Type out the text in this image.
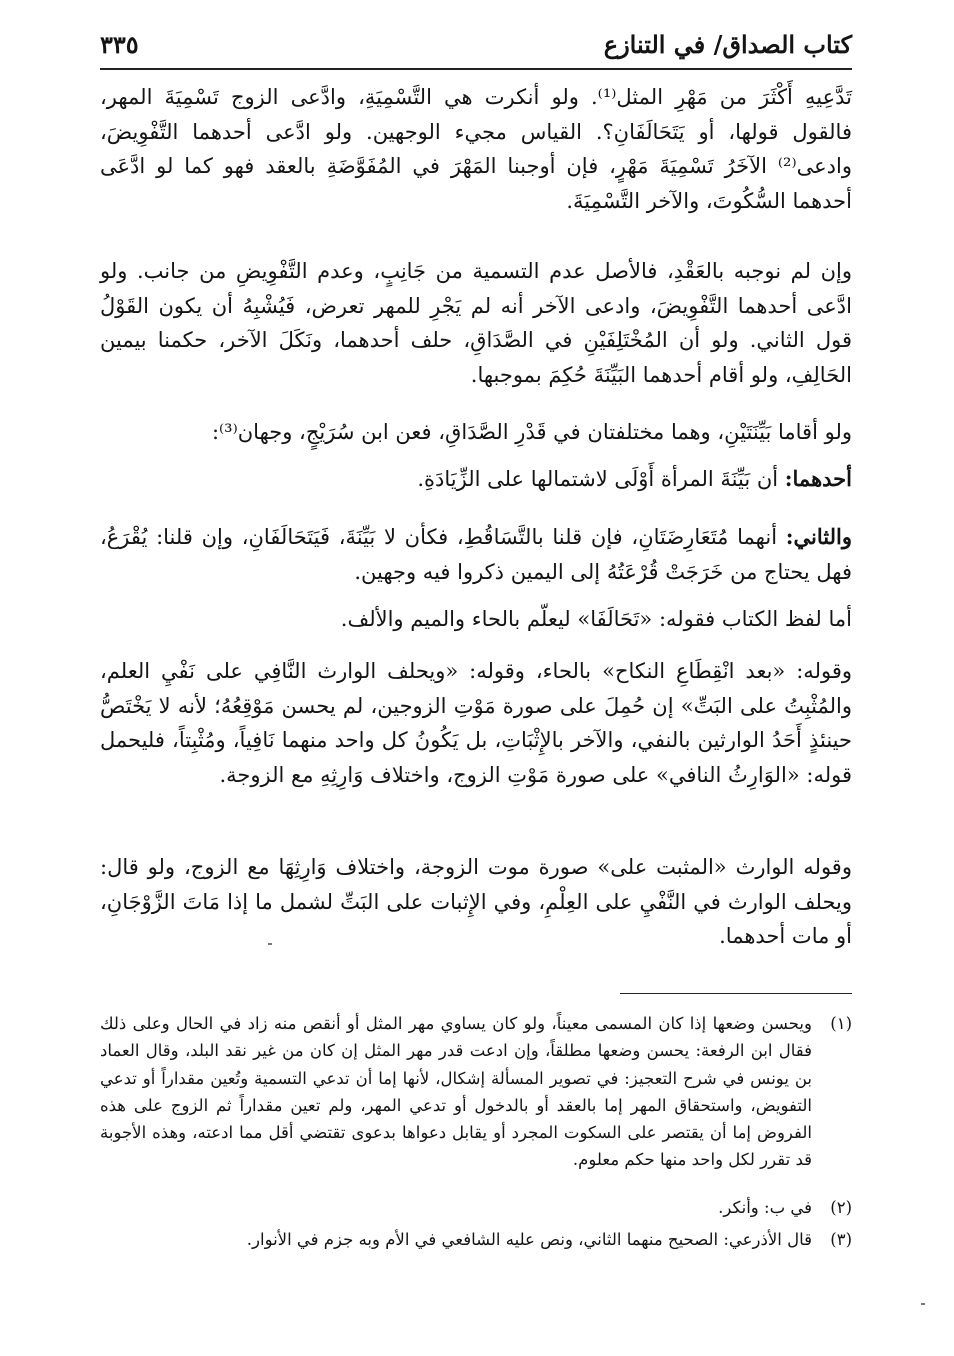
كتاب الصداق/ في التنازع
٣٣٥

تَدَّعِيهِ أَكْثَرَ من مَهْرِ المثل⁽¹⁾. ولو أنكرت هي التَّسْمِيَةِ، وادَّعى الزوج تَسْمِيَةَ المهر، فالقول قولها، أو يَتَحَالَفَانِ؟. القياس مجيء الوجهين. ولو ادَّعى أحدهما التَّفْوِيضَ، وادعى⁽²⁾ الآخَرُ تَسْمِيَةَ مَهْرٍ، فإن أوجبنا المَهْرَ في المُفَوَّضَةِ بالعقد فهو كما لو ادَّعَى أحدهما السُّكُوتَ، والآخر التَّسْمِيَةَ.

وإن لم نوجبه بالعَقْدِ، فالأصل عدم التسمية من جَانِبٍ، وعدم التَّفْوِيضِ من جانب. ولو ادَّعى أحدهما التَّفْوِيضَ، وادعى الآخر أنه لم يَجْرِ للمهر تعرض، فَيُشْبِهُ أن يكون القَوْلُ قول الثاني. ولو أن المُخْتَلِفَيْنِ في الصَّدَاقِ، حلف أحدهما، ونَكَلَ الآخر، حكمنا بيمين الحَالِفِ، ولو أقام أحدهما البَيِّنَةَ حُكِمَ بموجبها.

ولو أقاما بَيِّنَتَيْنِ، وهما مختلفتان في قَدْرِ الصَّدَاقِ، فعن ابن سُرَيْجٍ، وجهان⁽³⁾:

أحدهما: أن بَيِّنَةَ المرأة أَوْلَى لاشتمالها على الزِّيَادَةِ.

والثاني: أنهما مُتَعَارِضَتَانِ، فإن قلنا بالتَّسَاقُطِ، فكأن لا بَيِّنَةَ، فَيَتَحَالَفَانِ، وإن قلنا: يُقْرَعُ، فهل يحتاج من خَرَجَتْ قُرْعَتُهُ إلى اليمين ذكروا فيه وجهين.

أما لفظ الكتاب فقوله: «تَحَالَفَا» ليعلّم بالحاء والميم والألف.

وقوله: «بعد انْقِطَاعِ النكاح» بالحاء، وقوله: «ويحلف الوارث النَّافِي على نَفْيِ العلم، والمُثْبِتُ على البَتِّ» إن حُمِلَ على صورة مَوْتِ الزوجين، لم يحسن مَوْقِعُهُ؛ لأنه لا يَخْتَصُّ حينئذٍ أَحَدُ الوارثين بالنفي، والآخر بالإِثْبَاتِ، بل يَكُونُ كل واحد منهما نَافِياً، ومُثْبِتاً، فليحمل قوله: «الوَارِثُ النافي» على صورة مَوْتِ الزوج، واختلاف وَارِثِهِ مع الزوجة.

وقوله الوارث «المثبت على» صورة موت الزوجة، واختلاف وَارِثِهَا مع الزوج، ولو قال: ويحلف الوارث في النَّفْيِ على العِلْمِ، وفي الإِثبات على البَتِّ لشمل ما إذا مَاتَ الزَّوْجَانِ، أو مات أحدهما.

(١)
ويحسن وضعها إذا كان المسمى معيناً، ولو كان يساوي مهر المثل أو أنقص منه زاد في الحال وعلى ذلك فقال ابن الرفعة: يحسن وضعها مطلقاً، وإن ادعت قدر مهر المثل إن كان من غير نقد البلد، وقال العماد بن يونس في شرح التعجيز: في تصوير المسألة إشكال، لأنها إما أن تدعي التسمية وتُعين مقداراً أو تدعي التفويض، واستحقاق المهر إما بالعقد أو بالدخول أو تدعي المهر، ولم تعين مقداراً ثم الزوج على هذه الفروض إما أن يقتصر على السكوت المجرد أو يقابل دعواها بدعوى تقتضي أقل مما ادعته، وهذه الأجوبة قد تقرر لكل واحد منها حكم معلوم.
(٢)
في ب: وأنكر.
(٣)
قال الأذرعي: الصحيح منهما الثاني، ونص عليه الشافعي في الأم وبه جزم في الأنوار.
